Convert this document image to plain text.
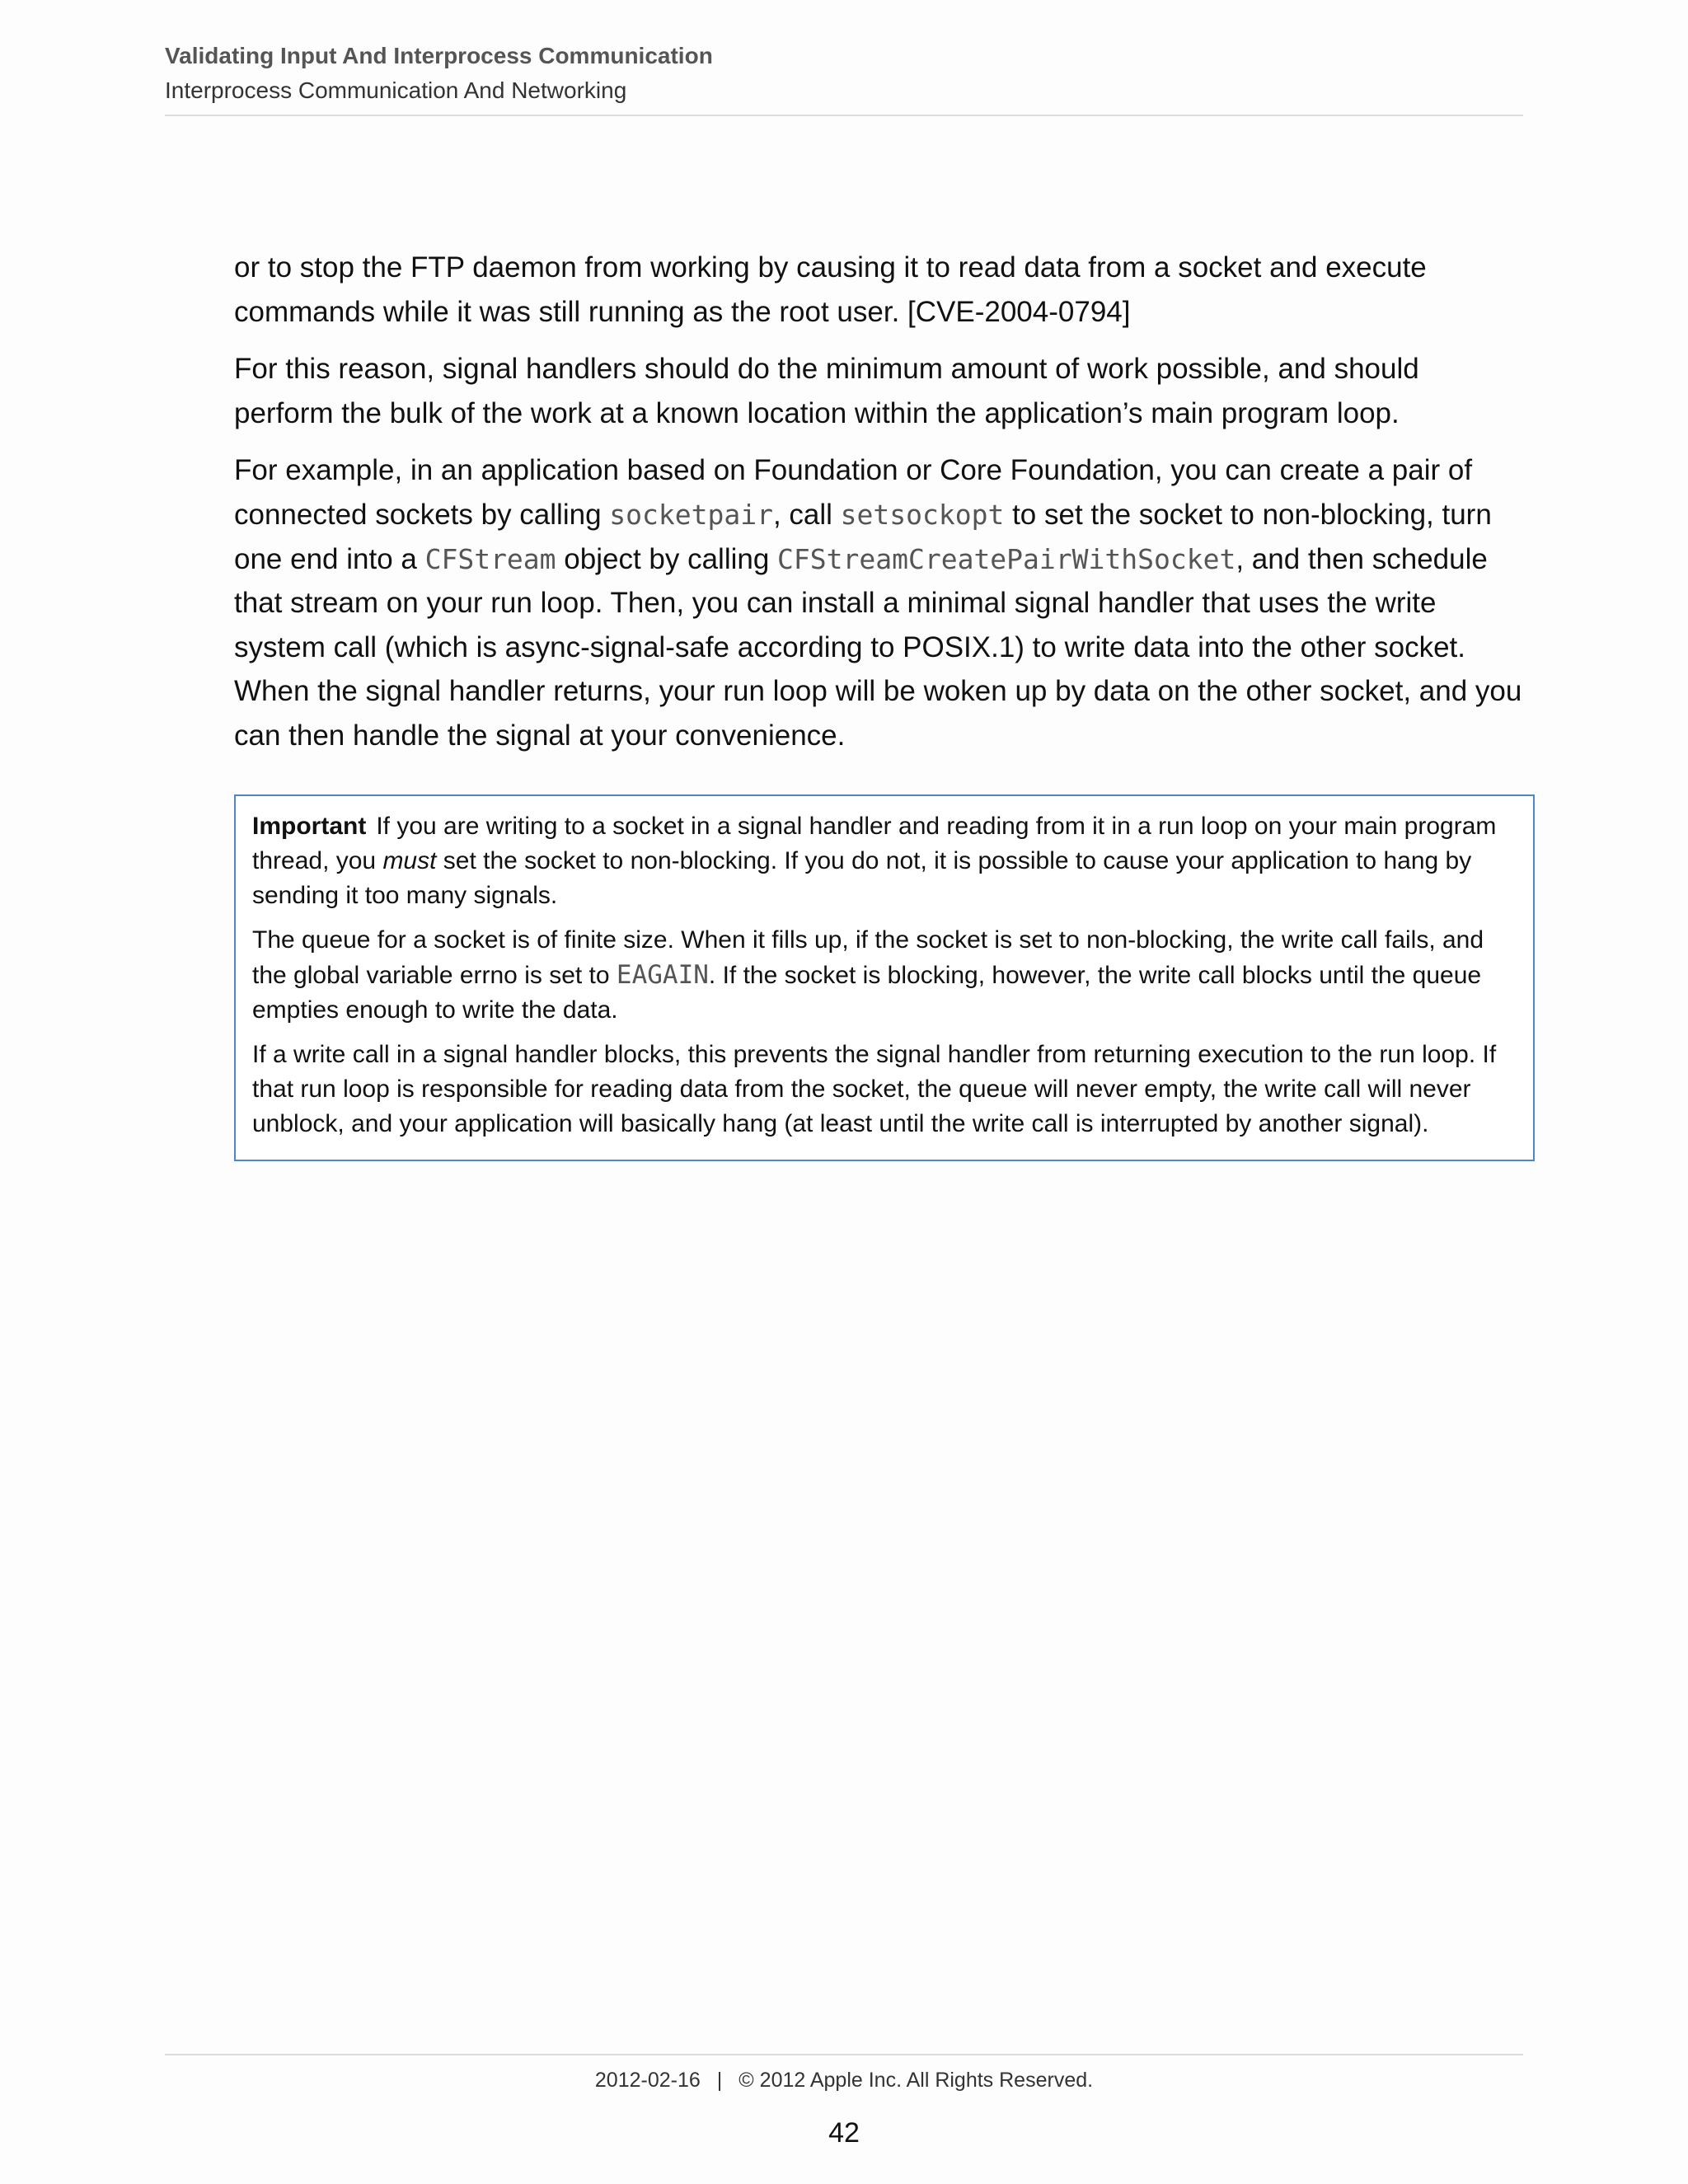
Validating Input And Interprocess Communication
Interprocess Communication And Networking

or to stop the FTP daemon from working by causing it to read data from a socket and execute commands while it was still running as the root user. [CVE-2004-0794]

For this reason, signal handlers should do the minimum amount of work possible, and should perform the bulk of the work at a known location within the application’s main program loop.

For example, in an application based on Foundation or Core Foundation, you can create a pair of connected sockets by calling socketpair, call setsockopt to set the socket to non-blocking, turn one end into a CFStream object by calling CFStreamCreatePairWithSocket, and then schedule that stream on your run loop. Then, you can install a minimal signal handler that uses the write system call (which is async-signal-safe according to POSIX.1) to write data into the other socket. When the signal handler returns, your run loop will be woken up by data on the other socket, and you can then handle the signal at your convenience.

Important If you are writing to a socket in a signal handler and reading from it in a run loop on your main program thread, you must set the socket to non-blocking. If you do not, it is possible to cause your application to hang by sending it too many signals.

The queue for a socket is of finite size. When it fills up, if the socket is set to non-blocking, the write call fails, and the global variable errno is set to EAGAIN. If the socket is blocking, however, the write call blocks until the queue empties enough to write the data.

If a write call in a signal handler blocks, this prevents the signal handler from returning execution to the run loop. If that run loop is responsible for reading data from the socket, the queue will never empty, the write call will never unblock, and your application will basically hang (at least until the write call is interrupted by another signal).

2012-02-16 | © 2012 Apple Inc. All Rights Reserved.
42
